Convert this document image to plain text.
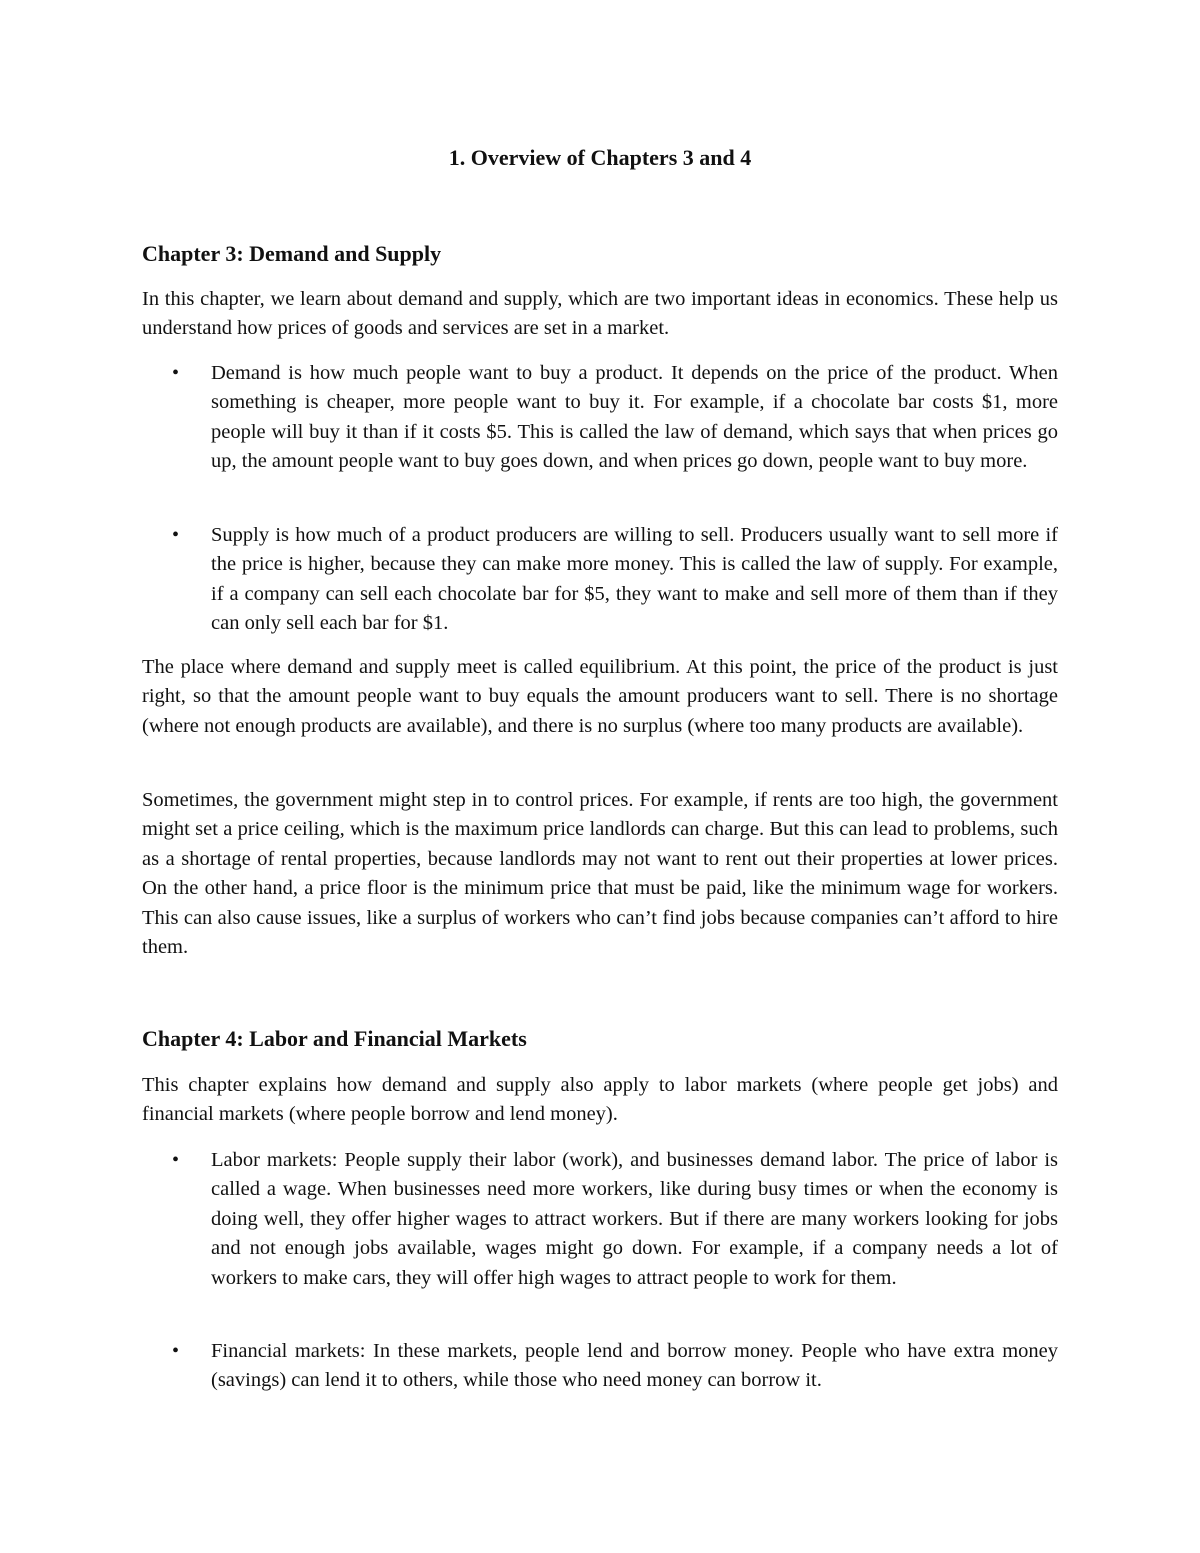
1. Overview of Chapters 3 and 4
Chapter 3: Demand and Supply

In this chapter, we learn about demand and supply, which are two important ideas in economics. These help us understand how prices of goods and services are set in a market.

• Demand is how much people want to buy a product. It depends on the price of the product. When something is cheaper, more people want to buy it. For example, if a chocolate bar costs $1, more people will buy it than if it costs $5. This is called the law of demand, which says that when prices go up, the amount people want to buy goes down, and when prices go down, people want to buy more.

• Supply is how much of a product producers are willing to sell. Producers usually want to sell more if the price is higher, because they can make more money. This is called the law of supply. For example, if a company can sell each chocolate bar for $5, they want to make and sell more of them than if they can only sell each bar for $1.

The place where demand and supply meet is called equilibrium. At this point, the price of the product is just right, so that the amount people want to buy equals the amount producers want to sell. There is no shortage (where not enough products are available), and there is no surplus (where too many products are available).

Sometimes, the government might step in to control prices. For example, if rents are too high, the government might set a price ceiling, which is the maximum price landlords can charge. But this can lead to problems, such as a shortage of rental properties, because landlords may not want to rent out their properties at lower prices. On the other hand, a price floor is the minimum price that must be paid, like the minimum wage for workers. This can also cause issues, like a surplus of workers who can’t find jobs because companies can’t afford to hire them.

Chapter 4: Labor and Financial Markets

This chapter explains how demand and supply also apply to labor markets (where people get jobs) and financial markets (where people borrow and lend money).

• Labor markets: People supply their labor (work), and businesses demand labor. The price of labor is called a wage. When businesses need more workers, like during busy times or when the economy is doing well, they offer higher wages to attract workers. But if there are many workers looking for jobs and not enough jobs available, wages might go down. For example, if a company needs a lot of workers to make cars, they will offer high wages to attract people to work for them.

• Financial markets: In these markets, people lend and borrow money. People who have extra money (savings) can lend it to others, while those who need money can borrow it.
